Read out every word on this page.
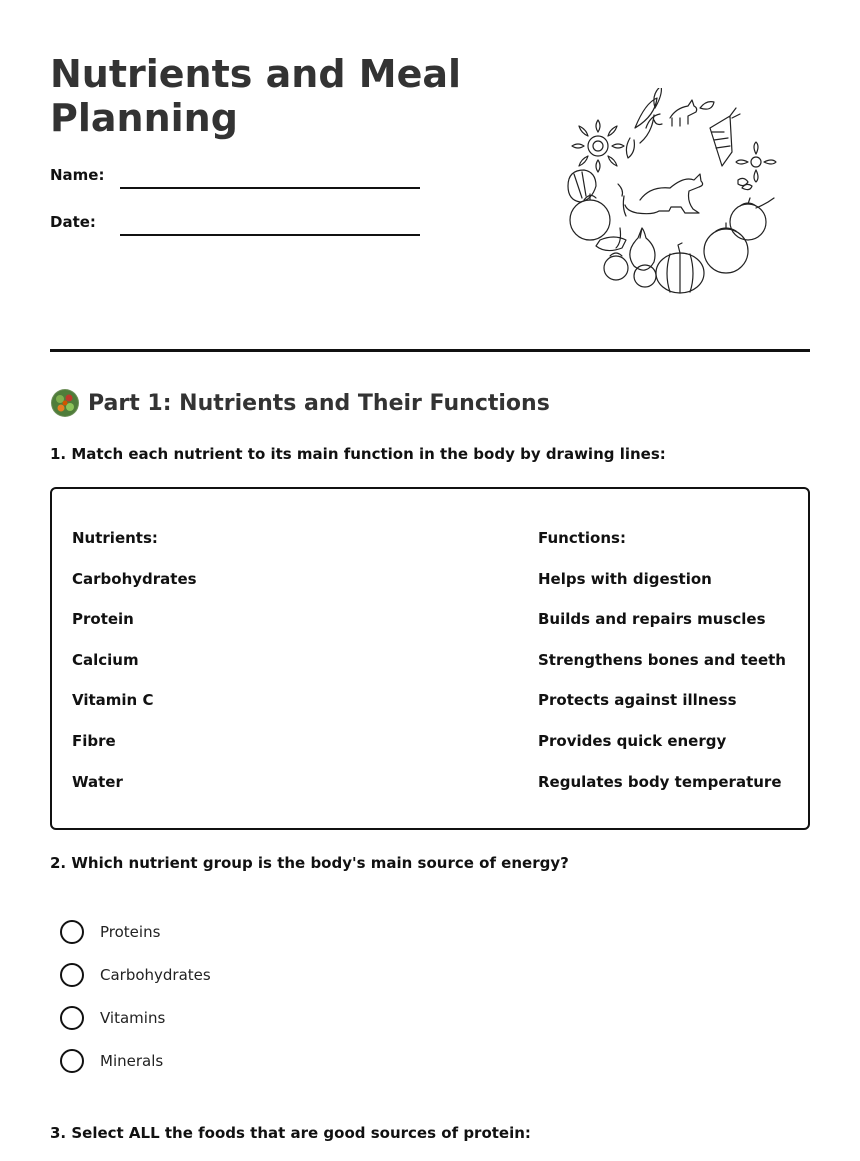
Nutrients and Meal Planning
Name:
Date:
Part 1: Nutrients and Their Functions
1. Match each nutrient to its main function in the body by drawing lines:
Nutrients:	Functions:
Carbohydrates
Protein
Calcium
Vitamin C
Fibre
Water
Helps with digestion
Builds and repairs muscles
Strengthens bones and teeth
Protects against illness
Provides quick energy
Regulates body temperature
2. Which nutrient group is the body's main source of energy?
Proteins
Carbohydrates
Vitamins
Minerals
3. Select ALL the foods that are good sources of protein:
